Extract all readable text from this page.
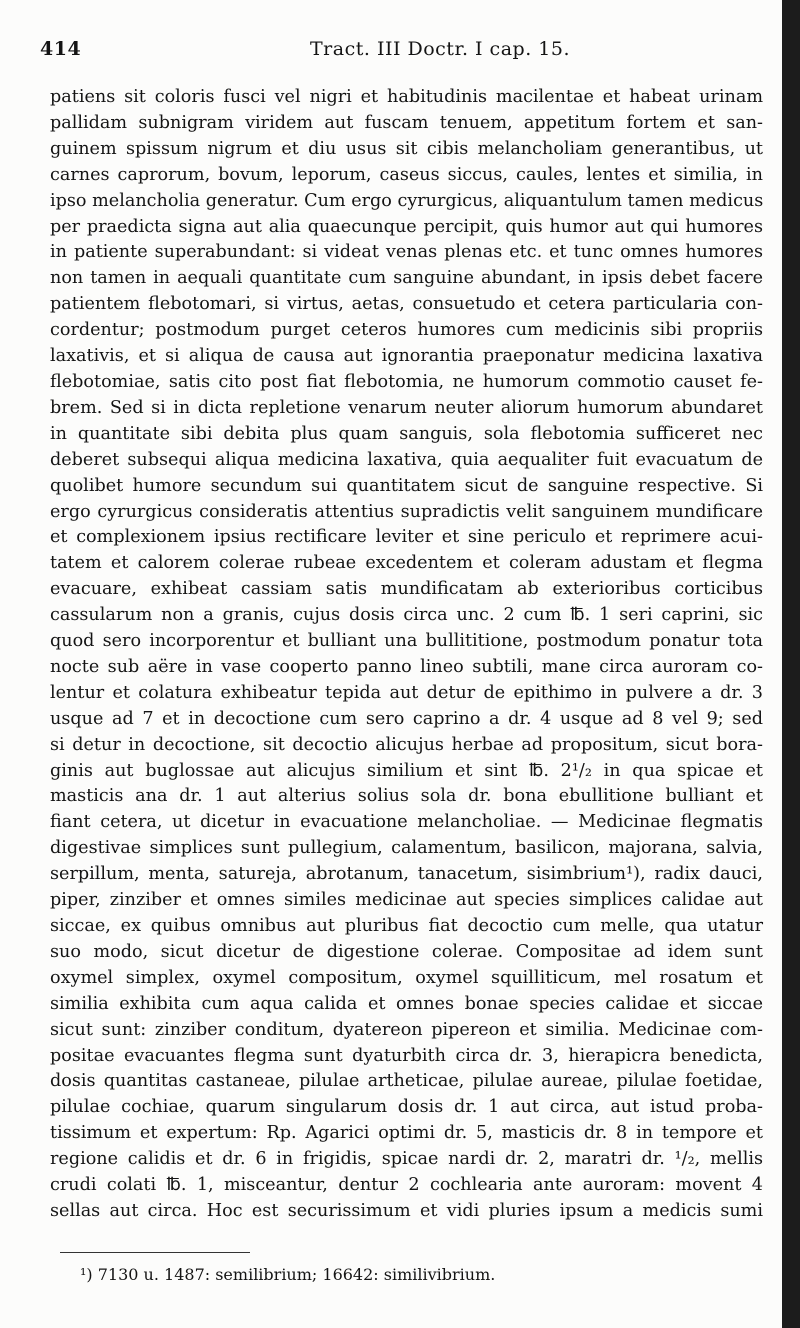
414	Tract. III Doctr. I cap. 15.
patiens sit coloris fusci vel nigri et habitudinis macilentae et habeat urinam
pallidam subnigram viridem aut fuscam tenuem, appetitum fortem et san-
guinem spissum nigrum et diu usus sit cibis melancholiam generantibus, ut
carnes caprorum, bovum, leporum, caseus siccus, caules, lentes et similia, in
ipso melancholia generatur. Cum ergo cyrurgicus, aliquantulum tamen medicus
per praedicta signa aut alia quaecunque percipit, quis humor aut qui humores
in patiente superabundant: si videat venas plenas etc. et tunc omnes humores
non tamen in aequali quantitate cum sanguine abundant, in ipsis debet facere
patientem flebotomari, si virtus, aetas, consuetudo et cetera particularia con-
cordentur; postmodum purget ceteros humores cum medicinis sibi propriis
laxativis, et si aliqua de causa aut ignorantia praeponatur medicina laxativa
flebotomiae, satis cito post fiat flebotomia, ne humorum commotio causet fe-
brem. Sed si in dicta repletione venarum neuter aliorum humorum abundaret
in quantitate sibi debita plus quam sanguis, sola flebotomia sufficeret nec
deberet subsequi aliqua medicina laxativa, quia aequaliter fuit evacuatum de
quolibet humore secundum sui quantitatem sicut de sanguine respective. Si
ergo cyrurgicus consideratis attentius supradictis velit sanguinem mundificare
et complexionem ipsius rectificare leviter et sine periculo et reprimere acui-
tatem et calorem colerae rubeae excedentem et coleram adustam et flegma
evacuare, exhibeat cassiam satis mundificatam ab exterioribus corticibus
cassularum non a granis, cujus dosis circa unc. 2 cum ℔. 1 seri caprini, sic
quod sero incorporentur et bulliant una bullititione, postmodum ponatur tota
nocte sub aëre in vase cooperto panno lineo subtili, mane circa auroram co-
lentur et colatura exhibeatur tepida aut detur de epithimo in pulvere a dr. 3
usque ad 7 et in decoctione cum sero caprino a dr. 4 usque ad 8 vel 9; sed
si detur in decoctione, sit decoctio alicujus herbae ad propositum, sicut bora-
ginis aut buglossae aut alicujus similium et sint ℔. 2¹/₂ in qua spicae et
masticis ana dr. 1 aut alterius solius sola dr. bona ebullitione bulliant et
fiant cetera, ut dicetur in evacuatione melancholiae. — Medicinae flegmatis
digestivae simplices sunt pullegium, calamentum, basilicon, majorana, salvia,
serpillum, menta, satureja, abrotanum, tanacetum, sisimbrium¹), radix dauci,
piper, zinziber et omnes similes medicinae aut species simplices calidae aut
siccae, ex quibus omnibus aut pluribus fiat decoctio cum melle, qua utatur
suo modo, sicut dicetur de digestione colerae. Compositae ad idem sunt
oxymel simplex, oxymel compositum, oxymel squilliticum, mel rosatum et
similia exhibita cum aqua calida et omnes bonae species calidae et siccae
sicut sunt: zinziber conditum, dyatereon pipereon et similia. Medicinae com-
positae evacuantes flegma sunt dyaturbith circa dr. 3, hierapicra benedicta,
dosis quantitas castaneae, pilulae artheticae, pilulae aureae, pilulae foetidae,
pilulae cochiae, quarum singularum dosis dr. 1 aut circa, aut istud proba-
tissimum et expertum: Rp. Agarici optimi dr. 5, masticis dr. 8 in tempore et
regione calidis et dr. 6 in frigidis, spicae nardi dr. 2, maratri dr. ¹/₂, mellis
crudi colati ℔. 1, misceantur, dentur 2 cochlearia ante auroram: movent 4
sellas aut circa. Hoc est securissimum et vidi pluries ipsum a medicis sumi
¹) 7130 u. 1487: semilibrium; 16642: similivibrium.
